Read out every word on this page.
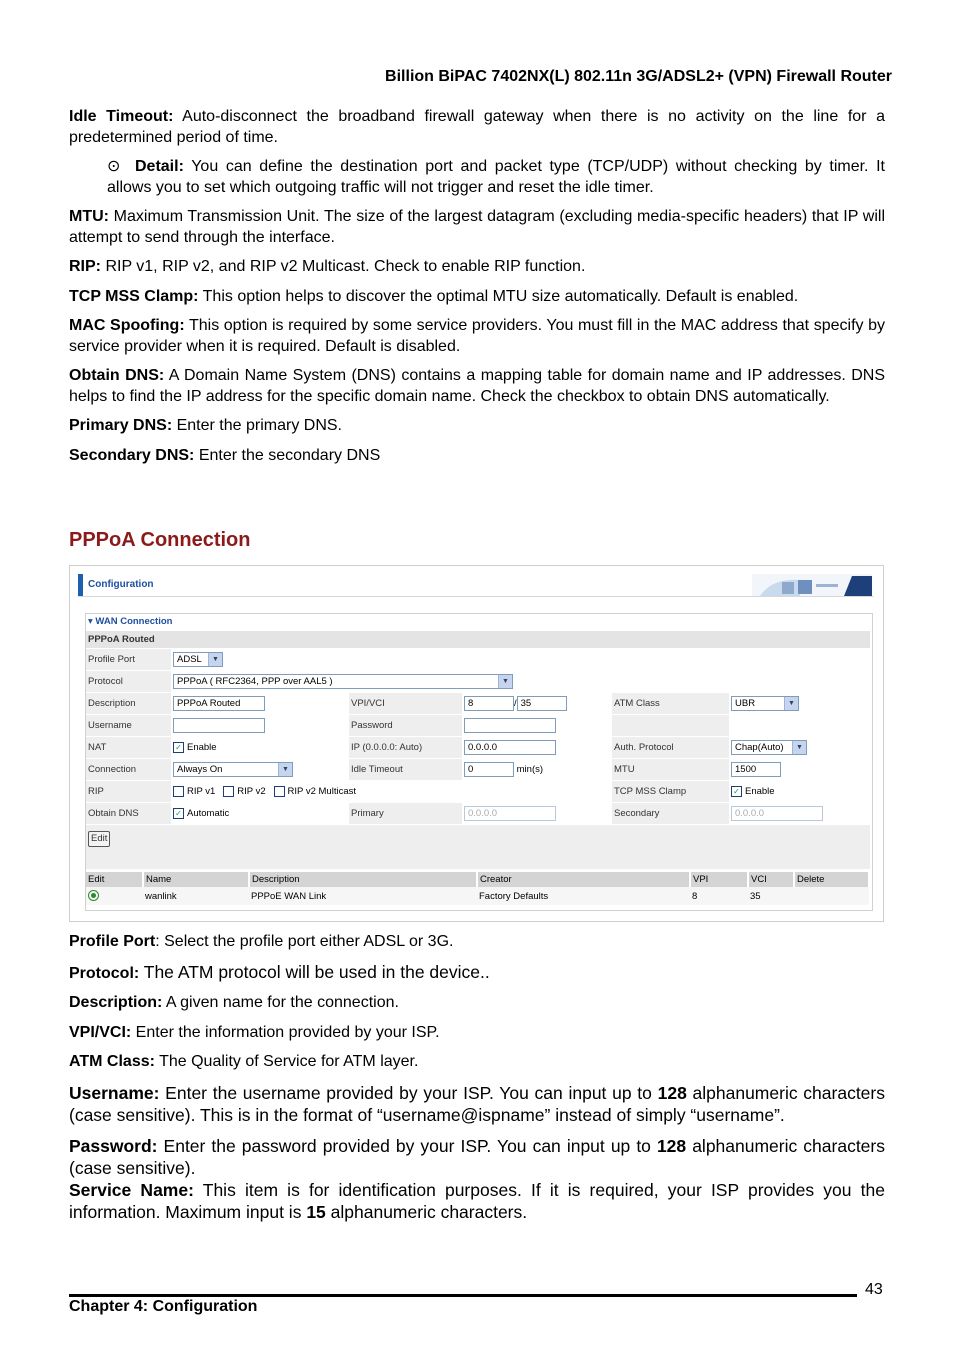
Billion BiPAC 7402NX(L) 802.11n 3G/ADSL2+ (VPN) Firewall Router

Idle Timeout: Auto-disconnect the broadband firewall gateway when there is no activity on the line for a predetermined period of time.

⊙ Detail: You can define the destination port and packet type (TCP/UDP) without checking by timer. It allows you to set which outgoing traffic will not trigger and reset the idle timer.

MTU: Maximum Transmission Unit. The size of the largest datagram (excluding media-specific headers) that IP will attempt to send through the interface.

RIP: RIP v1, RIP v2, and RIP v2 Multicast. Check to enable RIP function.

TCP MSS Clamp: This option helps to discover the optimal MTU size automatically. Default is enabled.

MAC Spoofing: This option is required by some service providers. You must fill in the MAC address that specify by service provider when it is required. Default is disabled.

Obtain DNS: A Domain Name System (DNS) contains a mapping table for domain name and IP addresses. DNS helps to find the IP address for the specific domain name. Check the checkbox to obtain DNS automatically.

Primary DNS: Enter the primary DNS.

Secondary DNS: Enter the secondary DNS

PPPoA Connection
Configuration
▾ WAN Connection
PPPoA Routed					
Profile Port	ADSL ▼				

Protocol	PPPoA ( RFC2364, PPP over AAL5 ) ▼				

Description	PPPoA Routed	VPI/VCI	8 / 35	ATM Class	UBR ▼

Username		Password			
NAT	✓ Enable	IP (0.0.0.0: Auto)	0.0.0.0	Auth. Protocol	Chap(Auto) ▼

Connection	Always On ▼	Idle Timeout	0 min(s)	MTU	1500
RIP	RIP v1 RIP v2 RIP v2 Multicast			TCP MSS Clamp	✓ Enable
Obtain DNS	✓ Automatic	Primary	0.0.0.0	Secondary	0.0.0.0
Edit					
Edit	Name	Description	Creator	VPI	VCI	Delete
	wanlink	PPPoE WAN Link	Factory Defaults	8	35	

Profile Port: Select the profile port either ADSL or 3G.

Protocol: The ATM protocol will be used in the device..

Description: A given name for the connection.

VPI/VCI: Enter the information provided by your ISP.

ATM Class: The Quality of Service for ATM layer.

Username: Enter the username provided by your ISP. You can input up to 128 alphanumeric characters (case sensitive). This is in the format of “username@ispname” instead of simply “username”.

Password: Enter the password provided by your ISP. You can input up to 128 alphanumeric characters (case sensitive).

Service Name: This item is for identification purposes. If it is required, your ISP provides you the information. Maximum input is 15 alphanumeric characters.

43
Chapter 4: Configuration
